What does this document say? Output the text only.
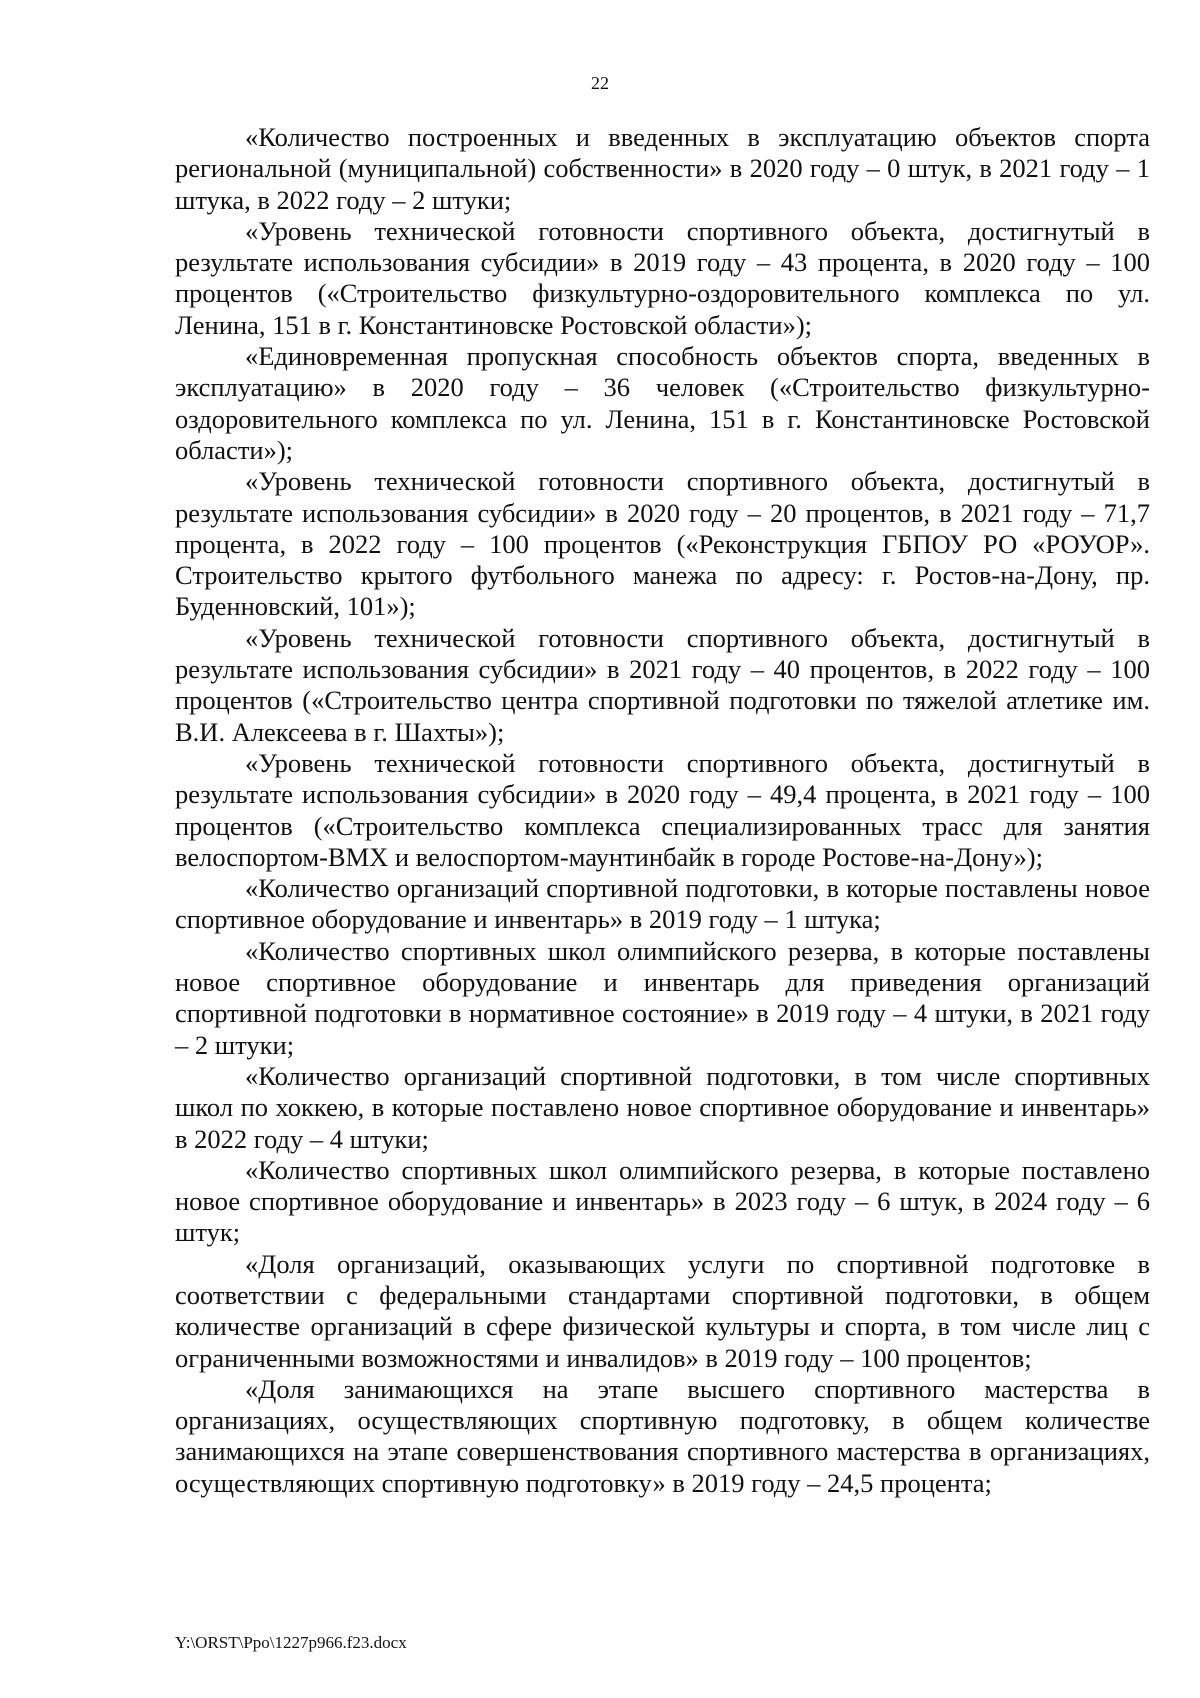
22

«Количество построенных и введенных в эксплуатацию объектов спорта региональной (муниципальной) собственности» в 2020 году – 0 штук, в 2021 году – 1 штука, в 2022 году – 2 штуки;

«Уровень технической готовности спортивного объекта, достигнутый в результате использования субсидии» в 2019 году – 43 процента, в 2020 году – 100 процентов («Строительство физкультурно-оздоровительного комплекса по ул. Ленина, 151 в г. Константиновске Ростовской области»);

«Единовременная пропускная способность объектов спорта, введенных в эксплуатацию» в 2020 году – 36 человек («Строительство физкультурно-оздоровительного комплекса по ул. Ленина, 151 в г. Константиновске Ростовской области»);

«Уровень технической готовности спортивного объекта, достигнутый в результате использования субсидии» в 2020 году – 20 процентов, в 2021 году – 71,7 процента, в 2022 году – 100 процентов («Реконструкция ГБПОУ РО «РОУОР». Строительство крытого футбольного манежа по адресу: г. Ростов-на-Дону, пр. Буденновский, 101»);

«Уровень технической готовности спортивного объекта, достигнутый в результате использования субсидии» в 2021 году – 40 процентов, в 2022 году – 100 процентов («Строительство центра спортивной подготовки по тяжелой атлетике им. В.И. Алексеева в г. Шахты»);

«Уровень технической готовности спортивного объекта, достигнутый в результате использования субсидии» в 2020 году – 49,4 процента, в 2021 году – 100 процентов («Строительство комплекса специализированных трасс для занятия велоспортом-ВМХ и велоспортом-маунтинбайк в городе Ростове-на-Дону»);

«Количество организаций спортивной подготовки, в которые поставлены новое спортивное оборудование и инвентарь» в 2019 году – 1 штука;

«Количество спортивных школ олимпийского резерва, в которые поставлены новое спортивное оборудование и инвентарь для приведения организаций спортивной подготовки в нормативное состояние» в 2019 году – 4 штуки, в 2021 году – 2 штуки;

«Количество организаций спортивной подготовки, в том числе спортивных школ по хоккею, в которые поставлено новое спортивное оборудование и инвентарь» в 2022 году – 4 штуки;

«Количество спортивных школ олимпийского резерва, в которые поставлено новое спортивное оборудование и инвентарь» в 2023 году – 6 штук, в 2024 году – 6 штук;

«Доля организаций, оказывающих услуги по спортивной подготовке в соответствии с федеральными стандартами спортивной подготовки, в общем количестве организаций в сфере физической культуры и спорта, в том числе лиц с ограниченными возможностями и инвалидов» в 2019 году – 100 процентов;

«Доля занимающихся на этапе высшего спортивного мастерства в организациях, осуществляющих спортивную подготовку, в общем количестве занимающихся на этапе совершенствования спортивного мастерства в организациях, осуществляющих спортивную подготовку» в 2019 году – 24,5 процента;

Y:\ORST\Ppo\1227p966.f23.docx
